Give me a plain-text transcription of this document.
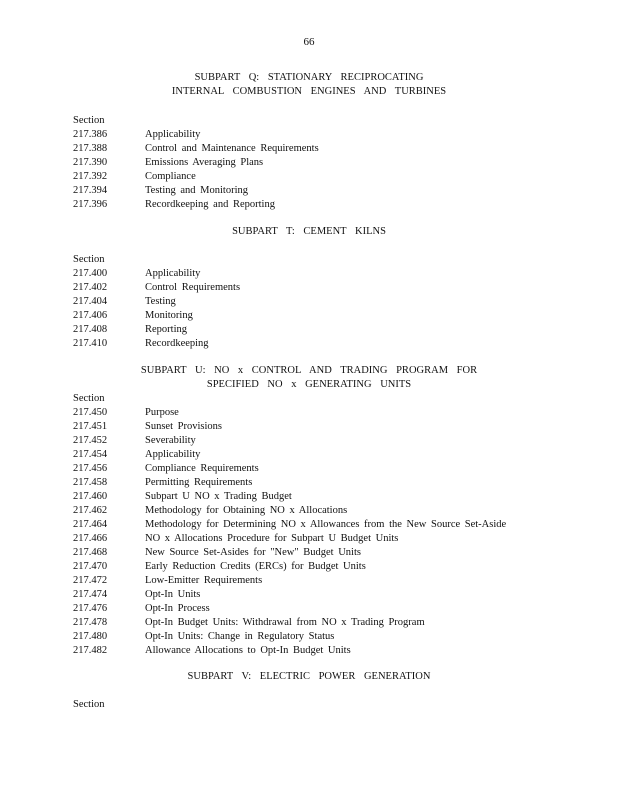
66
SUBPART Q: STATIONARY RECIPROCATING
INTERNAL COMBUSTION ENGINES AND TURBINES
Section
217.386	Applicability
217.388	Control and Maintenance Requirements
217.390	Emissions Averaging Plans
217.392	Compliance
217.394	Testing and Monitoring
217.396	Recordkeeping and Reporting
SUBPART T: CEMENT KILNS
Section
217.400	Applicability
217.402	Control Requirements
217.404	Testing
217.406	Monitoring
217.408	Reporting
217.410	Recordkeeping
SUBPART U: NO x CONTROL AND TRADING PROGRAM FOR
SPECIFIED NO x GENERATING UNITS
Section
217.450	Purpose
217.451	Sunset Provisions
217.452	Severability
217.454	Applicability
217.456	Compliance Requirements
217.458	Permitting Requirements
217.460	Subpart U NO x Trading Budget
217.462	Methodology for Obtaining NO x Allocations
217.464	Methodology for Determining NO x Allowances from the New Source Set-Aside
217.466	NO x Allocations Procedure for Subpart U Budget Units
217.468	New Source Set-Asides for "New" Budget Units
217.470	Early Reduction Credits (ERCs) for Budget Units
217.472	Low-Emitter Requirements
217.474	Opt-In Units
217.476	Opt-In Process
217.478	Opt-In Budget Units: Withdrawal from NO x Trading Program
217.480	Opt-In Units: Change in Regulatory Status
217.482	Allowance Allocations to Opt-In Budget Units
SUBPART V: ELECTRIC POWER GENERATION
Section
